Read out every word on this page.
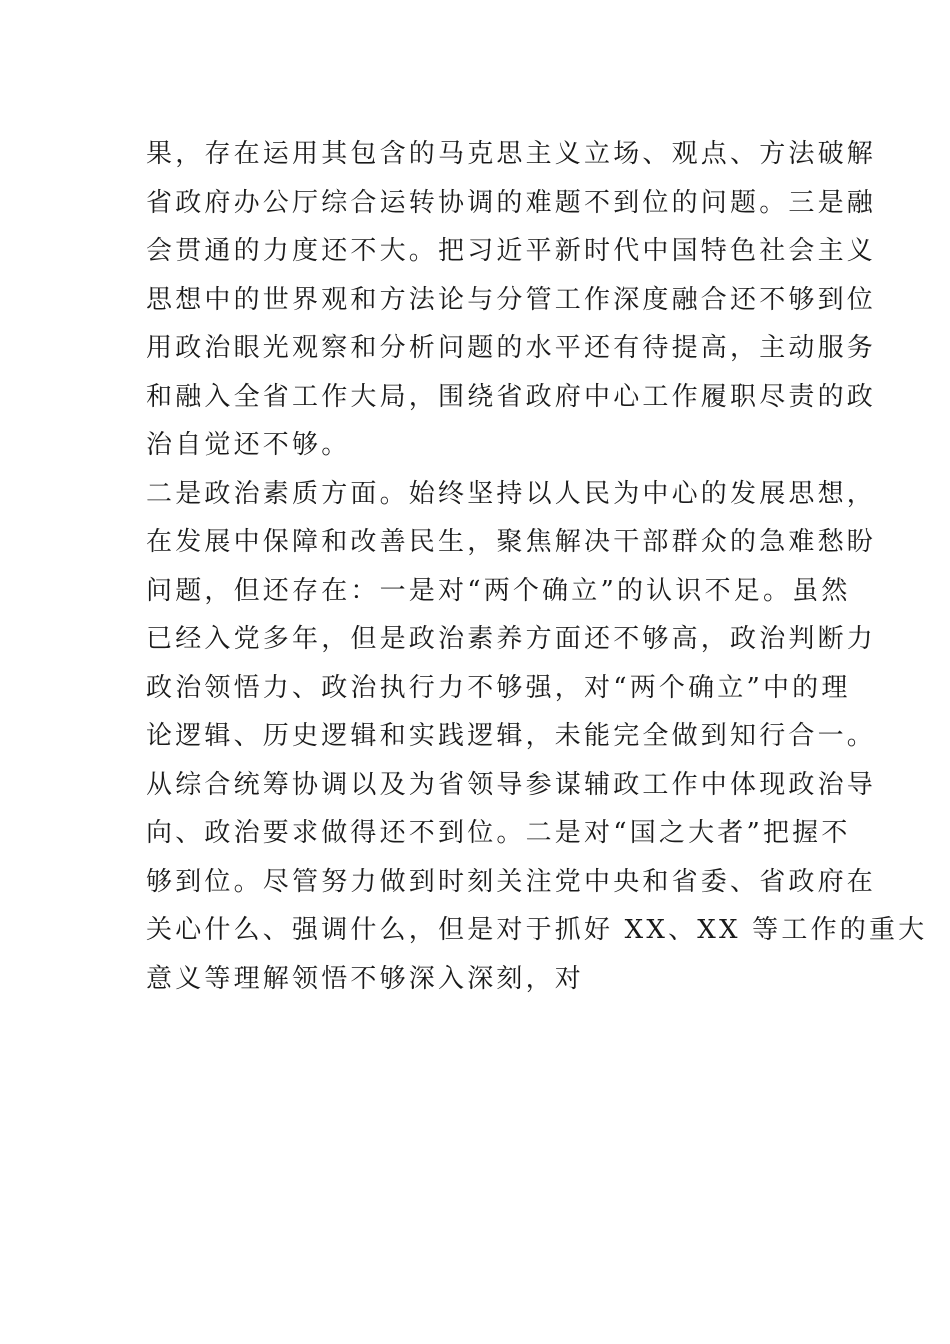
果，存在运用其包含的马克思主义立场、观点、方法破解
省政府办公厅综合运转协调的难题不到位的问题。三是融
会贯通的力度还不大。把习近平新时代中国特色社会主义
思想中的世界观和方法论与分管工作深度融合还不够到位
用政治眼光观察和分析问题的水平还有待提高，主动服务
和融入全省工作大局，围绕省政府中心工作履职尽责的政
治自觉还不够。
二是政治素质方面。始终坚持以人民为中心的发展思想，
在发展中保障和改善民生，聚焦解决干部群众的急难愁盼
问题，但还存在：一是对“两个确立”的认识不足。虽然
已经入党多年，但是政治素养方面还不够高，政治判断力
政治领悟力、政治执行力不够强，对“两个确立”中的理
论逻辑、历史逻辑和实践逻辑，未能完全做到知行合一。
从综合统筹协调以及为省领导参谋辅政工作中体现政治导
向、政治要求做得还不到位。二是对“国之大者”把握不
够到位。尽管努力做到时刻关注党中央和省委、省政府在
关心什么、强调什么，但是对于抓好 XX、XX 等工作的重大
意义等理解领悟不够深入深刻，对
